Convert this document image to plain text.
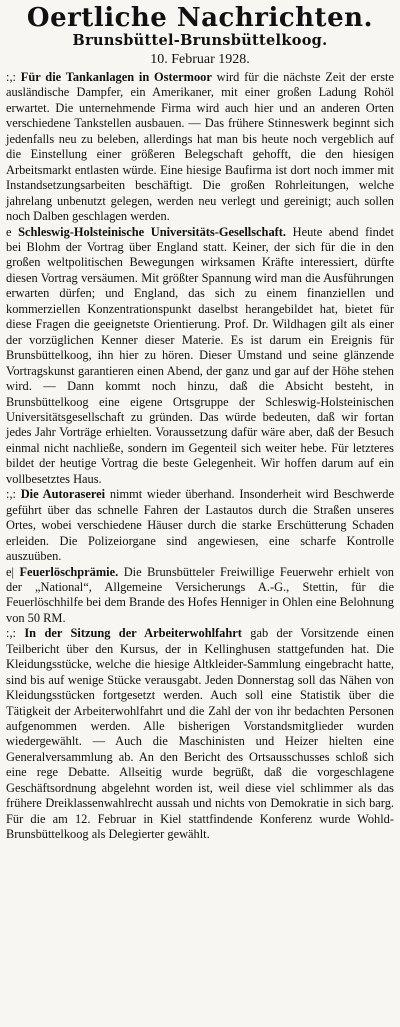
Oertliche Nachrichten.
Brunsbüttel-Brunsbüttelkoog.
10. Februar 1928.

:,: Für die Tankanlagen in Ostermoor wird für die nächste Zeit der erste ausländische Dampfer, ein Amerikaner, mit einer großen Ladung Rohöl erwartet. Die unternehmende Firma wird auch hier und an anderen Orten verschiedene Tankstellen ausbauen. — Das frühere Stinneswerk beginnt sich jedenfalls neu zu beleben, allerdings hat man bis heute noch vergeblich auf die Einstellung einer größeren Belegschaft gehofft, die den hiesigen Arbeitsmarkt entlasten würde. Eine hiesige Baufirma ist dort noch immer mit Instandsetzungsarbeiten beschäftigt. Die großen Rohrleitungen, welche jahrelang unbenutzt gelegen, werden neu verlegt und gereinigt; auch sollen noch Dalben geschlagen werden.

e Schleswig-Holsteinische Universitäts-Gesellschaft. Heute abend findet bei Blohm der Vortrag über England statt. Keiner, der sich für die in den großen weltpolitischen Bewegungen wirksamen Kräfte interessiert, dürfte diesen Vortrag versäumen. Mit größter Spannung wird man die Ausführungen erwarten dürfen; und England, das sich zu einem finanziellen und kommerziellen Konzentrationspunkt daselbst herangebildet hat, bietet für diese Fragen die geeignetste Orientierung. Prof. Dr. Wildhagen gilt als einer der vorzüglichen Kenner dieser Materie. Es ist darum ein Ereignis für Brunsbüttelkoog, ihn hier zu hören. Dieser Umstand und seine glänzende Vortragskunst garantieren einen Abend, der ganz und gar auf der Höhe stehen wird. — Dann kommt noch hinzu, daß die Absicht besteht, in Brunsbüttelkoog eine eigene Ortsgruppe der Schleswig-Holsteinischen Universitätsgesellschaft zu gründen. Das würde bedeuten, daß wir fortan jedes Jahr Vorträge erhielten. Voraussetzung dafür wäre aber, daß der Besuch einmal nicht nachließe, sondern im Gegenteil sich weiter hebe. Für letzteres bildet der heutige Vortrag die beste Gelegenheit. Wir hoffen darum auf ein vollbesetztes Haus.

:,: Die Autoraserei nimmt wieder überhand. Insonderheit wird Beschwerde geführt über das schnelle Fahren der Lastautos durch die Straßen unseres Ortes, wobei verschiedene Häuser durch die starke Erschütterung Schaden erleiden. Die Polizeiorgane sind angewiesen, eine scharfe Kontrolle auszuüben.

e| Feuerlöschprämie. Die Brunsbütteler Freiwillige Feuerwehr erhielt von der „National“, Allgemeine Versicherungs A.-G., Stettin, für die Feuerlöschhilfe bei dem Brande des Hofes Henniger in Ohlen eine Belohnung von 50 RM.

:,: In der Sitzung der Arbeiterwohlfahrt gab der Vorsitzende einen Teilbericht über den Kursus, der in Kellinghusen stattgefunden hat. Die Kleidungsstücke, welche die hiesige Altkleider-Sammlung eingebracht hatte, sind bis auf wenige Stücke verausgabt. Jeden Donnerstag soll das Nähen von Kleidungsstücken fortgesetzt werden. Auch soll eine Statistik über die Tätigkeit der Arbeiterwohlfahrt und die Zahl der von ihr bedachten Personen aufgenommen werden. Alle bisherigen Vorstandsmitglieder wurden wiedergewählt. — Auch die Maschinisten und Heizer hielten eine Generalversammlung ab. An den Bericht des Ortsausschusses schloß sich eine rege Debatte. Allseitig wurde begrüßt, daß die vorgeschlagene Geschäftsordnung abgelehnt worden ist, weil diese viel schlimmer als das frühere Dreiklassenwahlrecht aussah und nichts von Demokratie in sich barg. Für die am 12. Februar in Kiel stattfindende Konferenz wurde Wohld-Brunsbüttelkoog als Delegierter gewählt.
